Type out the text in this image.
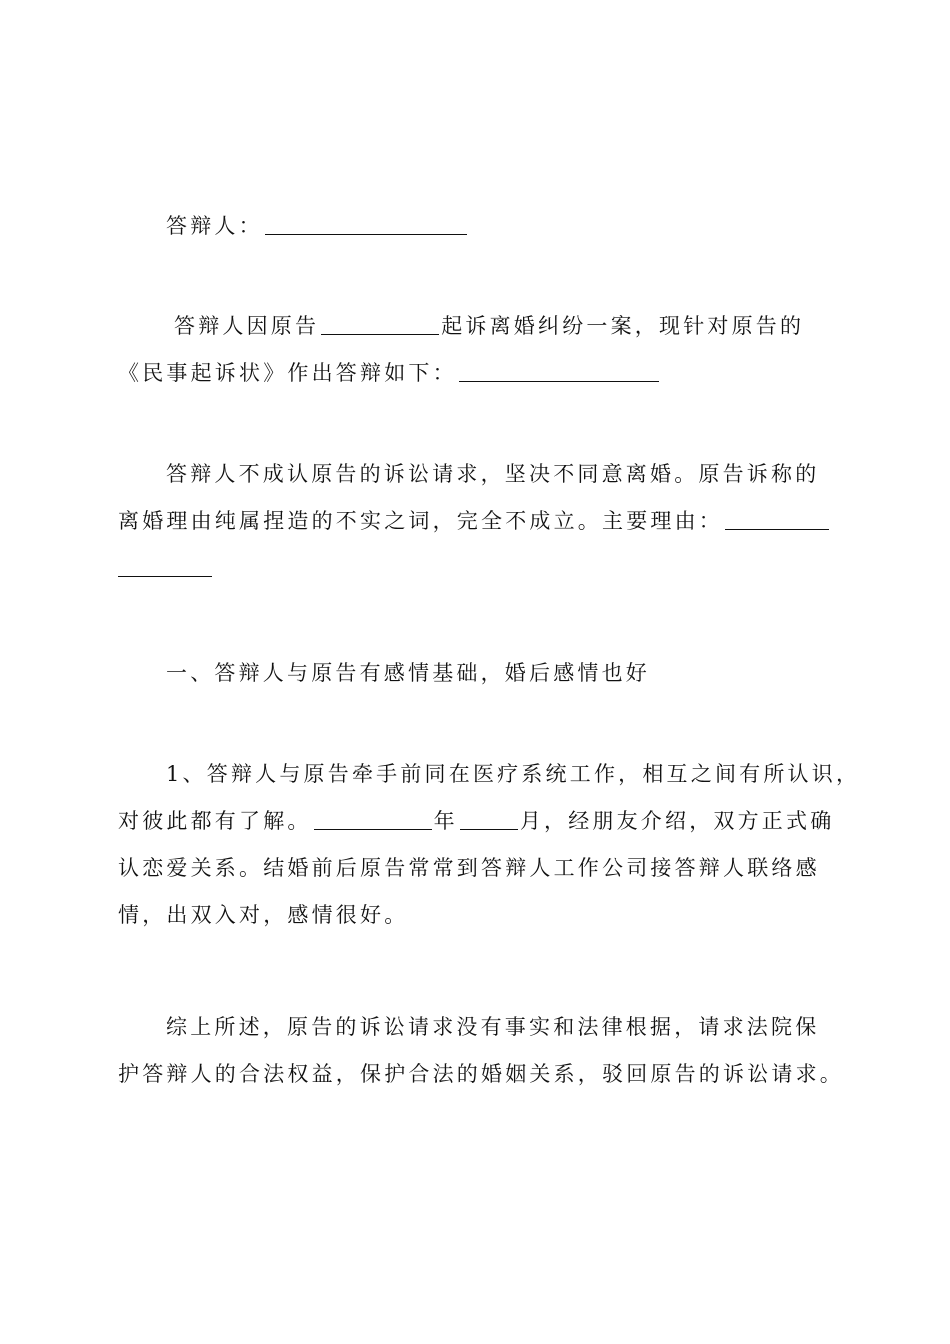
答辩人：

答辩人因原告	起诉离婚纠纷一案，现针对原告的
《民事起诉状》作出答辩如下：

答辩人不成认原告的诉讼请求，坚决不同意离婚。原告诉称的
离婚理由纯属捏造的不实之词，完全不成立。主要理由：

一、答辩人与原告有感情基础，婚后感情也好

1、答辩人与原告牵手前同在医疗系统工作，相互之间有所认识，
对彼此都有了解。	年	月，经朋友介绍，双方正式确
认恋爱关系。结婚前后原告常常到答辩人工作公司接答辩人联络感
情，出双入对，感情很好。

综上所述，原告的诉讼请求没有事实和法律根据，请求法院保
护答辩人的合法权益，保护合法的婚姻关系，驳回原告的诉讼请求。
